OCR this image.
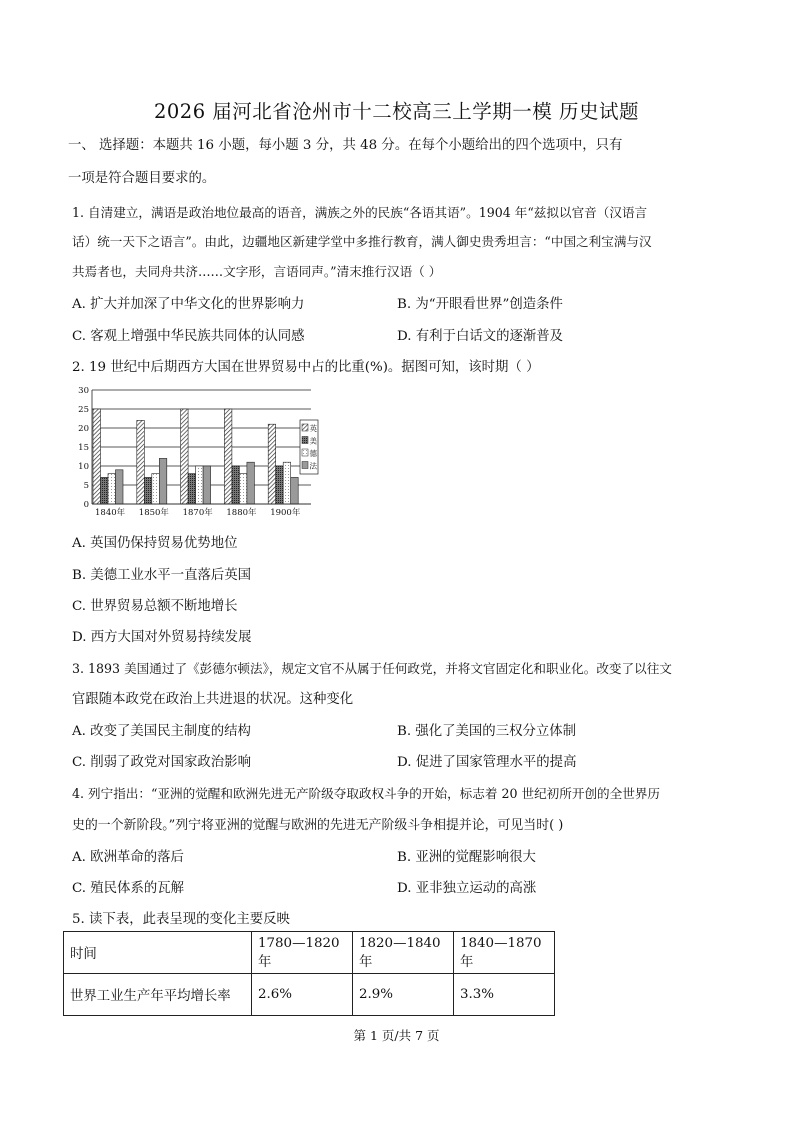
2026 届河北省沧州市十二校高三上学期一模 历史试题
一、 选择题：本题共 16 小题，每小题 3 分，共 48 分。在每个小题给出的四个选项中，只有
一项是符合题目要求的。
1. 自清建立，满语是政治地位最高的语音，满族之外的民族“各语其语”。1904 年“兹拟以官音（汉语言
话）统一天下之语言”。由此，边疆地区新建学堂中多推行教育，满人御史贵秀坦言：“中国之利宝满与汉
共焉者也，夫同舟共济……文字形，言语同声。”清末推行汉语（ ）
A. 扩大并加深了中华文化的世界影响力	B. 为“开眼看世界”创造条件
C. 客观上增强中华民族共同体的认同感	D. 有利于白话文的逐渐普及
2. 19 世纪中后期西方大国在世界贸易中占的比重(%)。据图可知，该时期（ ）
0
5
10
15
20
25
30
1840年 1850年 1870年 1880年 1900年
英
美
德
法
A. 英国仍保持贸易优势地位
B. 美德工业水平一直落后英国
C. 世界贸易总额不断地增长
D. 西方大国对外贸易持续发展
3. 1893 美国通过了《彭德尔顿法》，规定文官不从属于任何政党，并将文官固定化和职业化。改变了以往文
官跟随本政党在政治上共进退的状况。这种变化
A. 改变了美国民主制度的结构	B. 强化了美国的三权分立体制
C. 削弱了政党对国家政治影响	D. 促进了国家管理水平的提高
4. 列宁指出：“亚洲的觉醒和欧洲先进无产阶级夺取政权斗争的开始，标志着 20 世纪初所开创的全世界历
史的一个新阶段。”列宁将亚洲的觉醒与欧洲的先进无产阶级斗争相提并论，可见当时( )
A. 欧洲革命的落后	B. 亚洲的觉醒影响很大
C. 殖民体系的瓦解	D. 亚非独立运动的高涨
5. 读下表，此表呈现的变化主要反映
时间	1780—1820 年	1820—1840 年	1840—1870 年
世界工业生产年平均增长率	2.6%	2.9%	3.3%
第 1 页/共 7 页
